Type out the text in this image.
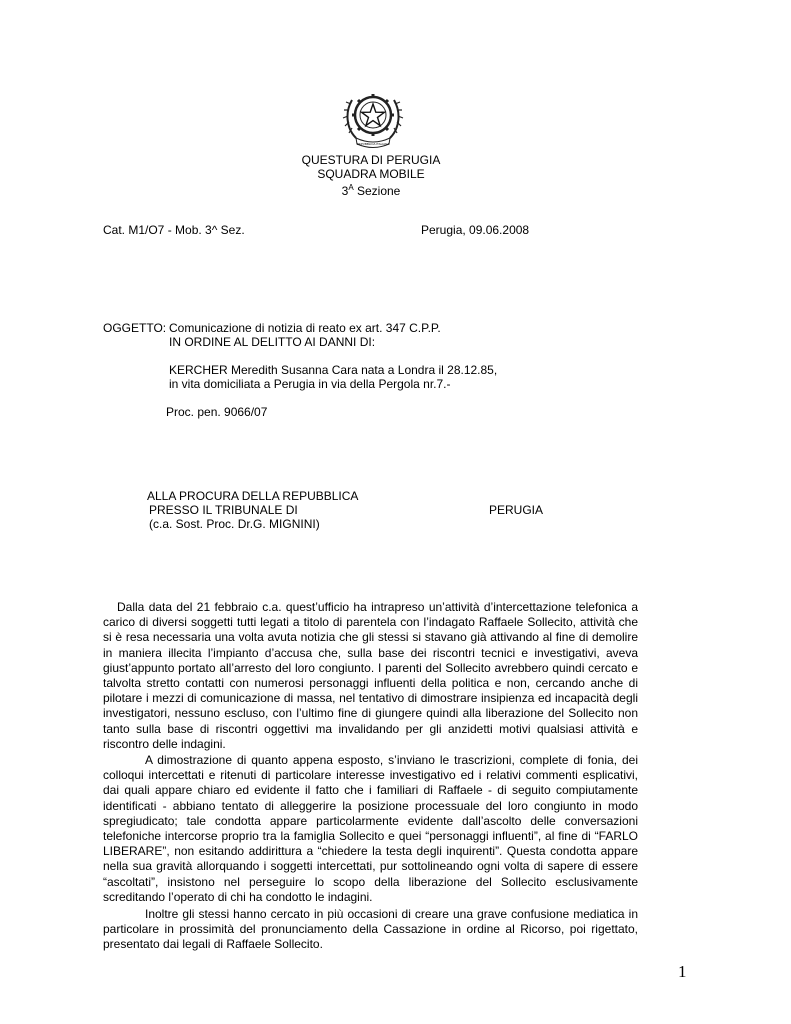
REPVBBLICA ITALIANA
QUESTURA DI PERUGIA
SQUADRA MOBILE
$3^A$ Sezione
Cat. M1/O7 - Mob. 3^ Sez.	Perugia, 09.06.2008
OGGETTO: Comunicazione di notizia di reato ex art. 347 C.P.P.
IN ORDINE AL DELITTO AI DANNI DI:
KERCHER Meredith Susanna Cara nata a Londra il 28.12.85,
in vita domiciliata a Perugia in via della Pergola nr.7.-
Proc. pen. 9066/07
ALLA PROCURA DELLA REPUBBLICA
PRESSO IL TRIBUNALE DI	PERUGIA
(c.a. Sost. Proc. Dr.G. MIGNINI)
Dalla data del 21 febbraio c.a. quest’ufficio ha intrapreso un’attività d’intercettazione telefonica a carico di diversi soggetti tutti legati a titolo di parentela con l’indagato Raffaele Sollecito, attività che si è resa necessaria una volta avuta notizia che gli stessi si stavano già attivando al fine di demolire in maniera illecita l’impianto d’accusa che, sulla base dei riscontri tecnici e investigativi, aveva giust’appunto portato all’arresto del loro congiunto. I parenti del Sollecito avrebbero quindi cercato e talvolta stretto contatti con numerosi personaggi influenti della politica e non, cercando anche di pilotare i mezzi di comunicazione di massa, nel tentativo di dimostrare insipienza ed incapacità degli investigatori, nessuno escluso, con l’ultimo fine di giungere quindi alla liberazione del Sollecito non tanto sulla base di riscontri oggettivi ma invalidando per gli anzidetti motivi qualsiasi attività e riscontro delle indagini.
A dimostrazione di quanto appena esposto, s’inviano le trascrizioni, complete di fonia, dei colloqui intercettati e ritenuti di particolare interesse investigativo ed i relativi commenti esplicativi, dai quali appare chiaro ed evidente il fatto che i familiari di Raffaele - di seguito compiutamente identificati - abbiano tentato di alleggerire la posizione processuale del loro congiunto in modo spregiudicato; tale condotta appare particolarmente evidente dall’ascolto delle conversazioni telefoniche intercorse proprio tra la famiglia Sollecito e quei “personaggi influenti”, al fine di “FARLO LIBERARE”, non esitando addirittura a “chiedere la testa degli inquirenti”. Questa condotta appare nella sua gravità allorquando i soggetti intercettati, pur sottolineando ogni volta di sapere di essere “ascoltati”, insistono nel perseguire lo scopo della liberazione del Sollecito esclusivamente screditando l’operato di chi ha condotto le indagini.
Inoltre gli stessi hanno cercato in più occasioni di creare una grave confusione mediatica in particolare in prossimità del pronunciamento della Cassazione in ordine al Ricorso, poi rigettato, presentato dai legali di Raffaele Sollecito.
1
